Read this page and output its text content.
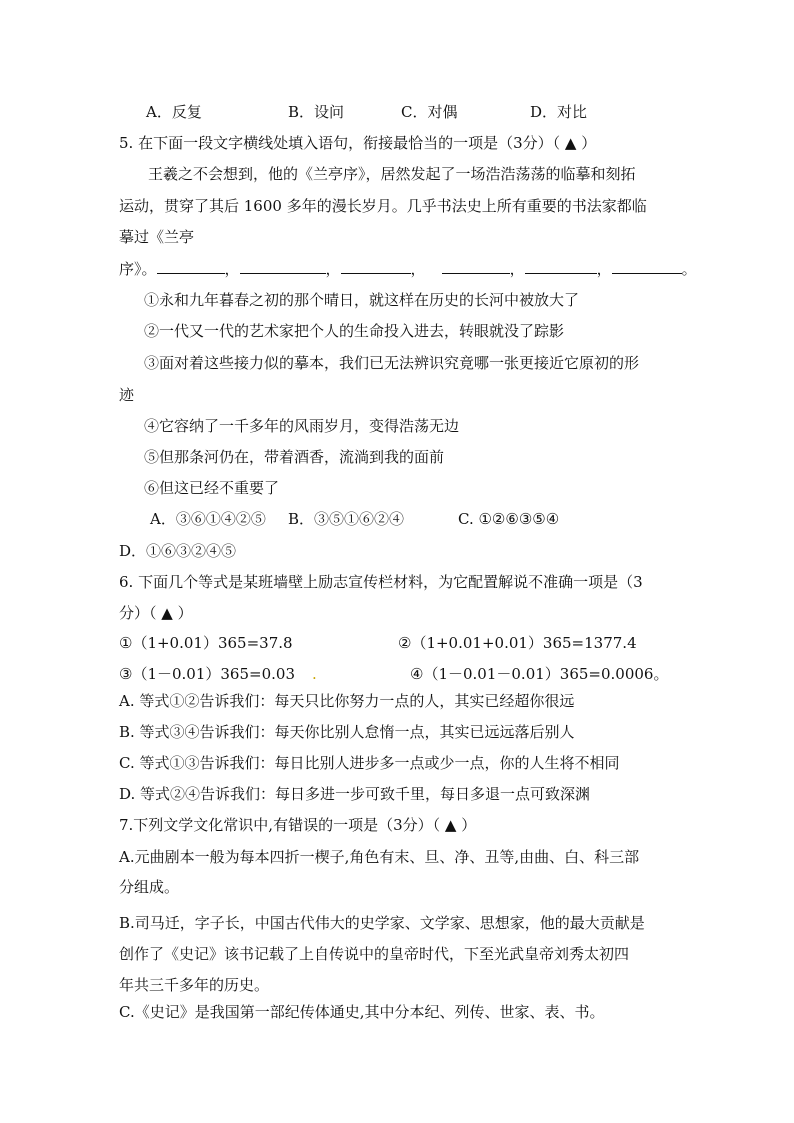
A．反复	B．设问	C．对偶	D．对比
5. 在下面一段文字横线处填入语句，衔接最恰当的一项是（3分）（ ▲ ）
王羲之不会想到，他的《兰亭序》，居然发起了一场浩浩荡荡的临摹和刻拓
运动，贯穿了其后 1600 多年的漫长岁月。几乎书法史上所有重要的书法家都临
摹过《兰亭
序》。	，	，	，	，	，	。
①永和九年暮春之初的那个晴日，就这样在历史的长河中被放大了
②一代又一代的艺术家把个人的生命投入进去，转眼就没了踪影
③面对着这些接力似的摹本，我们已无法辨识究竟哪一张更接近它原初的形
迹
④它容纳了一千多年的风雨岁月，变得浩荡无边
⑤但那条河仍在，带着酒香，流淌到我的面前
⑥但这已经不重要了
A．③⑥①④②⑤ B．③⑤①⑥②④	C. ①②⑥③⑤④
D．①⑥③②④⑤
6. 下面几个等式是某班墙壁上励志宣传栏材料，为它配置解说不准确一项是（3
分）（ ▲ ）
①（1+0.01）365=37.8	②（1+0.01+0.01）365=1377.4
③（1－0.01）365=0.03 .	④（1－0.01－0.01）365=0.0006。
A. 等式①②告诉我们：每天只比你努力一点的人，其实已经超你很远
B. 等式③④告诉我们：每天你比别人怠惰一点，其实已远远落后别人
C. 等式①③告诉我们：每日比别人进步多一点或少一点，你的人生将不相同
D. 等式②④告诉我们：每日多进一步可致千里，每日多退一点可致深渊
7.下列文学文化常识中,有错误的一项是（3分）（ ▲ ）
A.元曲剧本一般为每本四折一楔子,角色有末、旦、净、丑等,由曲、白、科三部
分组成。
B.司马迁，字子长，中国古代伟大的史学家、文学家、思想家，他的最大贡献是
创作了《史记》该书记载了上自传说中的皇帝时代，下至光武皇帝刘秀太初四
年共三千多年的历史。
C.《史记》是我国第一部纪传体通史,其中分本纪、列传、世家、表、书。
